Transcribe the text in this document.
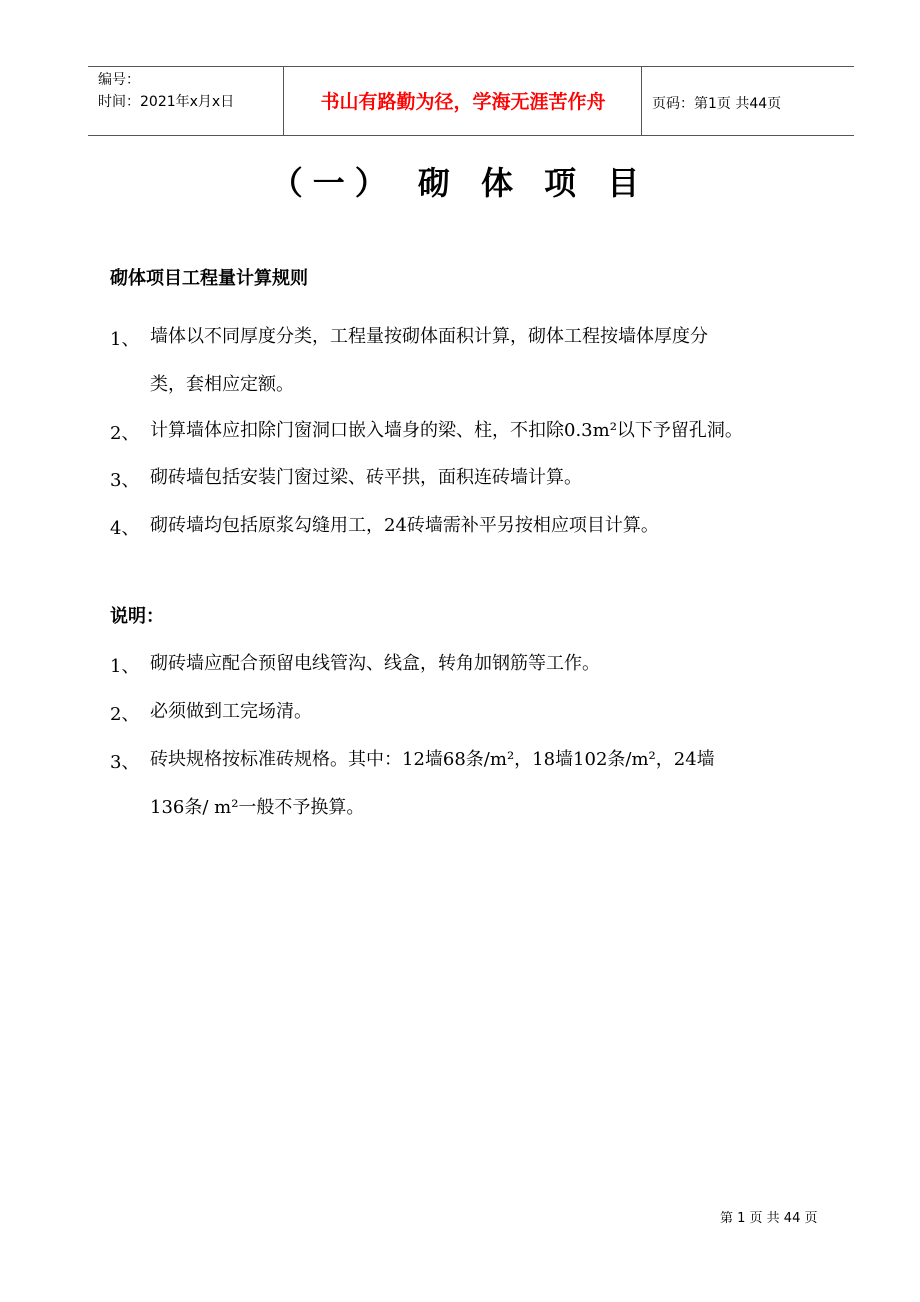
编号：
时间：2021年x月x日	书山有路勤为径，学海无涯苦作舟	页码：第1页 共44页
（一） 砌 体 项 目
砌体项目工程量计算规则
1、 墙体以不同厚度分类，工程量按砌体面积计算，砌体工程按墙体厚度分
类，套相应定额。
2、 计算墙体应扣除门窗洞口嵌入墙身的梁、柱，不扣除0.3m²以下予留孔洞。
3、 砌砖墙包括安装门窗过梁、砖平拱，面积连砖墙计算。
4、 砌砖墙均包括原浆勾缝用工，24砖墙需补平另按相应项目计算。
说明：
1、 砌砖墙应配合预留电线管沟、线盒，转角加钢筋等工作。
2、 必须做到工完场清。
3、 砖块规格按标准砖规格。其中：12墙68条/m²，18墙102条/m²，24墙
136条/ m²一般不予换算。
第 1 页 共 44 页
